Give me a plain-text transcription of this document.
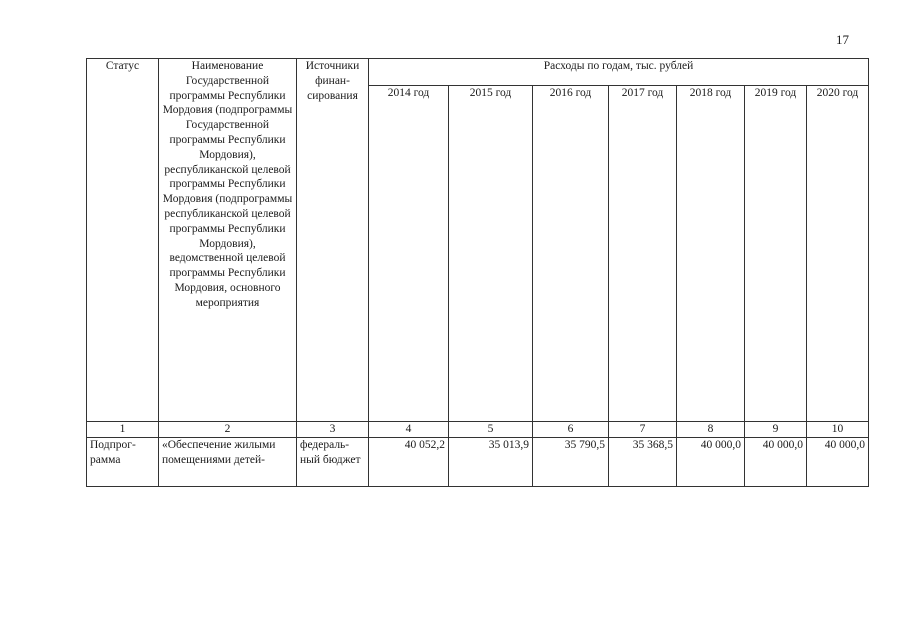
17
Статус	Наименование Государственной программы Республики Мордовия (подпрограммы Государственной программы Республики Мордовия), республиканской целевой программы Республики Мордовия (подпрограммы республиканской целевой программы Республики Мордовия), ведомственной целевой программы Республики Мордовия, основного мероприятия	Источники финан-сирования	Расходы по годам, тыс. рублей						
			2014 год	2015 год	2016 год	2017 год	2018 год	2019 год	2020 год
1	2	3	4	5	6	7	8	9	10
Подпрог-рамма	«Обеспечение жилыми помещениями детей-	федераль-ный бюджет	40 052,2	35 013,9	35 790,5	35 368,5	40 000,0	40 000,0	40 000,0
